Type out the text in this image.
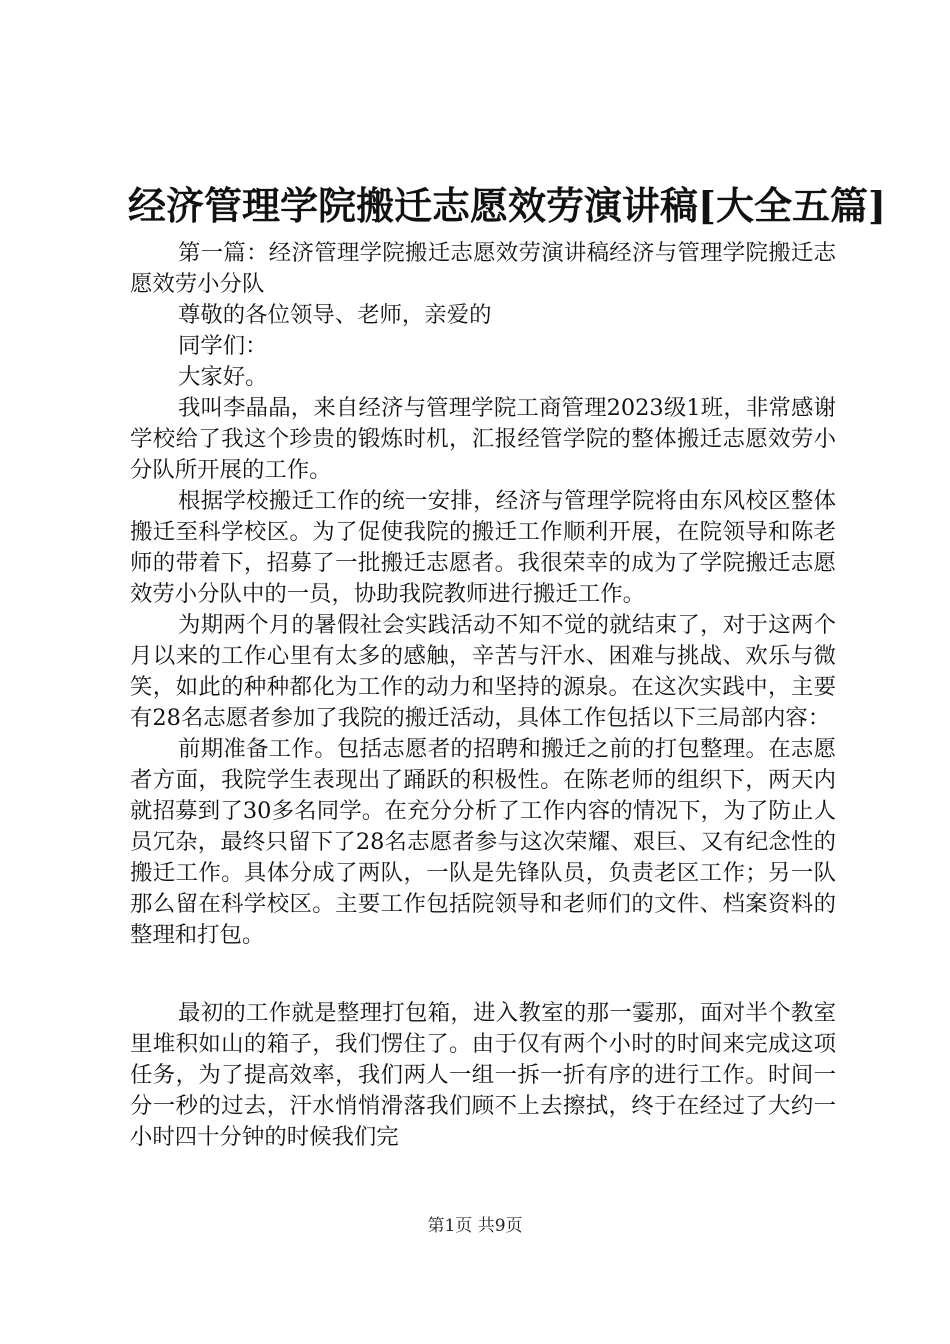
经济管理学院搬迁志愿效劳演讲稿[大全五篇]

第一篇：经济管理学院搬迁志愿效劳演讲稿经济与管理学院搬迁志愿效劳小分队

尊敬的各位领导、老师，亲爱的

同学们：

大家好。

我叫李晶晶，来自经济与管理学院工商管理2023级1班，非常感谢学校给了我这个珍贵的锻炼时机，汇报经管学院的整体搬迁志愿效劳小分队所开展的工作。

根据学校搬迁工作的统一安排，经济与管理学院将由东风校区整体搬迁至科学校区。为了促使我院的搬迁工作顺利开展，在院领导和陈老师的带着下，招募了一批搬迁志愿者。我很荣幸的成为了学院搬迁志愿效劳小分队中的一员，协助我院教师进行搬迁工作。

为期两个月的暑假社会实践活动不知不觉的就结束了，对于这两个月以来的工作心里有太多的感触，辛苦与汗水、困难与挑战、欢乐与微笑，如此的种种都化为工作的动力和坚持的源泉。在这次实践中，主要有28名志愿者参加了我院的搬迁活动，具体工作包括以下三局部内容：

前期准备工作。包括志愿者的招聘和搬迁之前的打包整理。在志愿者方面，我院学生表现出了踊跃的积极性。在陈老师的组织下，两天内就招募到了30多名同学。在充分分析了工作内容的情况下，为了防止人员冗杂，最终只留下了28名志愿者参与这次荣耀、艰巨、又有纪念性的搬迁工作。具体分成了两队，一队是先锋队员，负责老区工作；另一队那么留在科学校区。主要工作包括院领导和老师们的文件、档案资料的整理和打包。

最初的工作就是整理打包箱，进入教室的那一霎那，面对半个教室里堆积如山的箱子，我们愣住了。由于仅有两个小时的时间来完成这项任务，为了提高效率，我们两人一组一拆一折有序的进行工作。时间一分一秒的过去，汗水悄悄滑落我们顾不上去擦拭，终于在经过了大约一小时四十分钟的时候我们完

第1页 共9页
